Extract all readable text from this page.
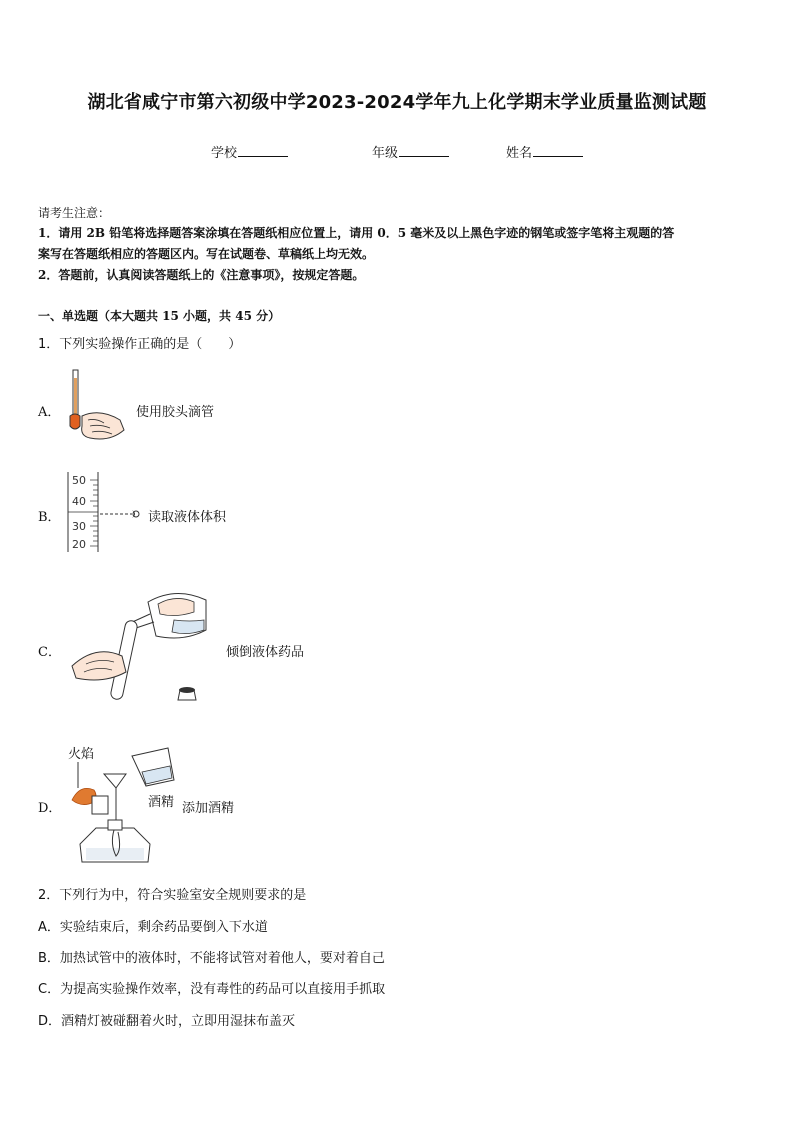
湖北省咸宁市第六初级中学2023-2024学年九上化学期末学业质量监测试题
学校	年级	姓名
请考生注意：
1．请用 2B 铅笔将选择题答案涂填在答题纸相应位置上，请用 0．5 毫米及以上黑色字迹的钢笔或签字笔将主观题的答
案写在答题纸相应的答题区内。写在试题卷、草稿纸上均无效。
2．答题前，认真阅读答题纸上的《注意事项》，按规定答题。
一、单选题（本大题共 15 小题，共 45 分）
1．下列实验操作正确的是（　　）
A．	使用胶头滴管
B．
50
40
30
20
读取液体体积
C．	倾倒液体药品
D．
火焰
酒精 添加酒精
2．下列行为中，符合实验室安全规则要求的是
A．实验结束后，剩余药品要倒入下水道
B．加热试管中的液体时，不能将试管对着他人，要对着自己
C．为提高实验操作效率，没有毒性的药品可以直接用手抓取
D．酒精灯被碰翻着火时，立即用湿抹布盖灭
